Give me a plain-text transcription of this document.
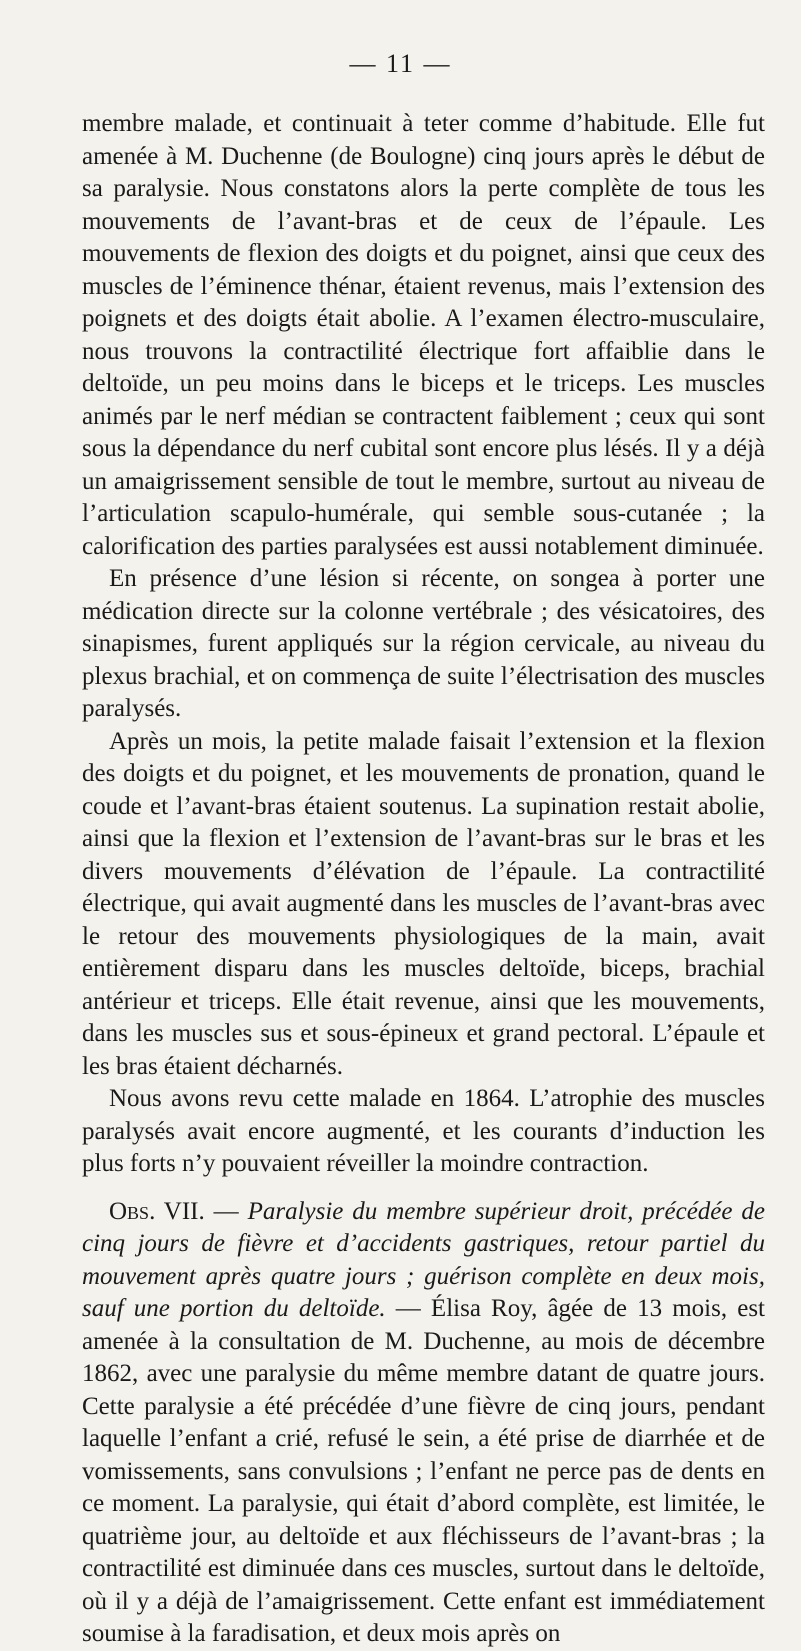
— 11 —

membre malade, et continuait à teter comme d’habitude. Elle fut amenée à M. Duchenne (de Boulogne) cinq jours après le début de sa paralysie. Nous constatons alors la perte complète de tous les mouvements de l’avant-bras et de ceux de l’épaule. Les mouvements de flexion des doigts et du poignet, ainsi que ceux des muscles de l’éminence thénar, étaient revenus, mais l’extension des poignets et des doigts était abolie. A l’examen électro-musculaire, nous trouvons la contractilité électrique fort affaiblie dans le deltoïde, un peu moins dans le biceps et le triceps. Les muscles animés par le nerf médian se contractent faiblement ; ceux qui sont sous la dépendance du nerf cubital sont encore plus lésés. Il y a déjà un amaigrissement sensible de tout le membre, surtout au niveau de l’articulation scapulo-humérale, qui semble sous-cutanée ; la calorification des parties paralysées est aussi notablement diminuée.

En présence d’une lésion si récente, on songea à porter une médication directe sur la colonne vertébrale ; des vésicatoires, des sinapismes, furent appliqués sur la région cervicale, au niveau du plexus brachial, et on commença de suite l’électrisation des muscles paralysés.

Après un mois, la petite malade faisait l’extension et la flexion des doigts et du poignet, et les mouvements de pronation, quand le coude et l’avant-bras étaient soutenus. La supination restait abolie, ainsi que la flexion et l’extension de l’avant-bras sur le bras et les divers mouvements d’élévation de l’épaule. La contractilité électrique, qui avait augmenté dans les muscles de l’avant-bras avec le retour des mouvements physiologiques de la main, avait entièrement disparu dans les muscles deltoïde, biceps, brachial antérieur et triceps. Elle était revenue, ainsi que les mouvements, dans les muscles sus et sous-épineux et grand pectoral. L’épaule et les bras étaient décharnés.

Nous avons revu cette malade en 1864. L’atrophie des muscles paralysés avait encore augmenté, et les courants d’induction les plus forts n’y pouvaient réveiller la moindre contraction.

Obs. VII. — Paralysie du membre supérieur droit, précédée de cinq jours de fièvre et d’accidents gastriques, retour partiel du mouvement après quatre jours ; guérison complète en deux mois, sauf une portion du deltoïde. — Élisa Roy, âgée de 13 mois, est amenée à la consultation de M. Duchenne, au mois de décembre 1862, avec une paralysie du même membre datant de quatre jours. Cette paralysie a été précédée d’une fièvre de cinq jours, pendant laquelle l’enfant a crié, refusé le sein, a été prise de diarrhée et de vomissements, sans convulsions ; l’enfant ne perce pas de dents en ce moment. La paralysie, qui était d’abord complète, est limitée, le quatrième jour, au deltoïde et aux fléchisseurs de l’avant-bras ; la contractilité est diminuée dans ces muscles, surtout dans le deltoïde, où il y a déjà de l’amaigrissement. Cette enfant est immédiatement soumise à la faradisation, et deux mois après on
